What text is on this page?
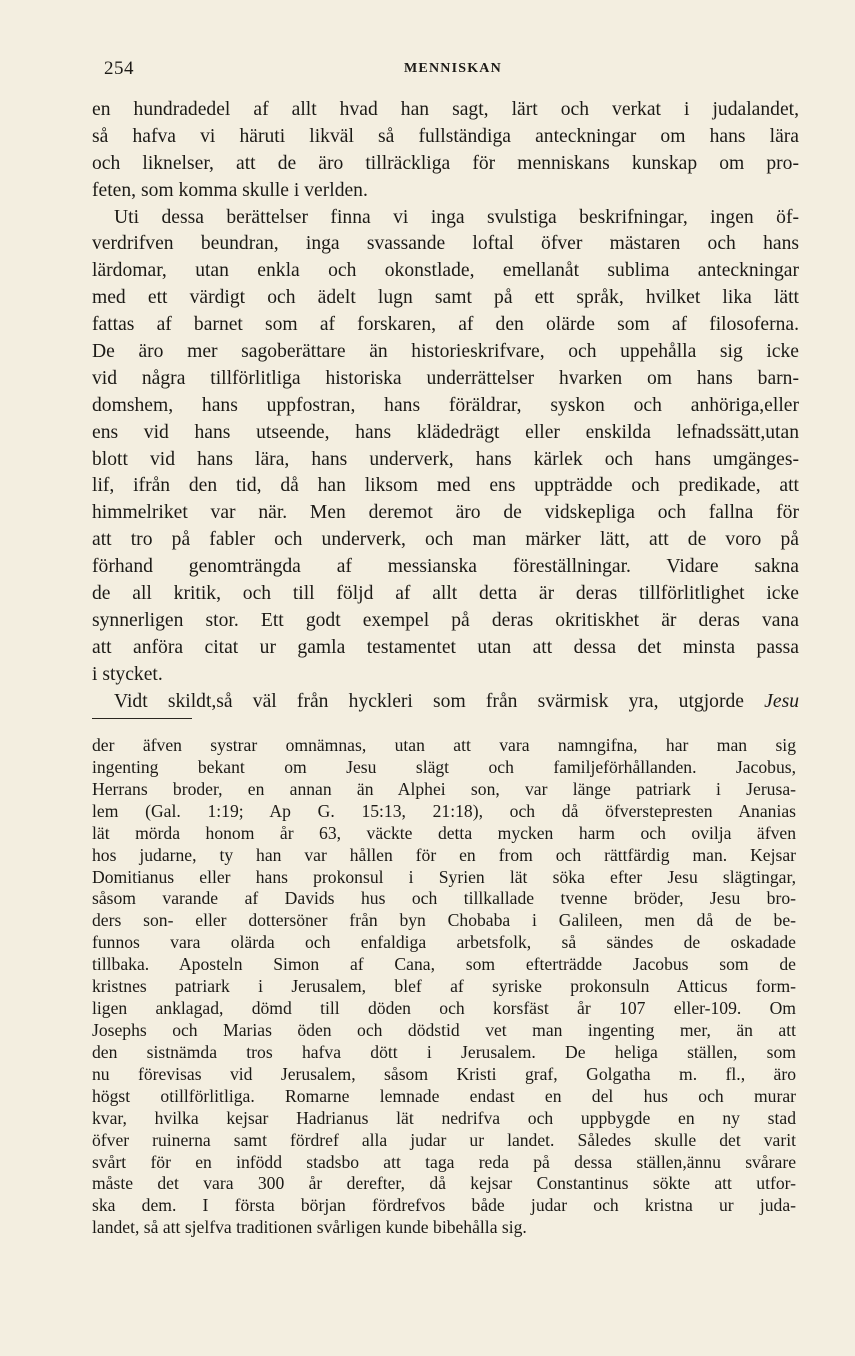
254	MENNISKAN
en hundradedel af allt hvad han sagt, lärt och verkat i judalandet,
så hafva vi häruti likväl så fullständiga anteckningar om hans lära
och liknelser, att de äro tillräckliga för menniskans kunskap om pro-
feten, som komma skulle i verlden.
Uti dessa berättelser finna vi inga svulstiga beskrifningar, ingen öf-
verdrifven beundran, inga svassande loftal öfver mästaren och hans
lärdomar, utan enkla och okonstlade, emellanåt sublima anteckningar
med ett värdigt och ädelt lugn samt på ett språk, hvilket lika lätt
fattas af barnet som af forskaren, af den olärde som af filosoferna.
De äro mer sagoberättare än historieskrifvare, och uppehålla sig icke
vid några tillförlitliga historiska underrättelser hvarken om hans barn-
domshem, hans uppfostran, hans föräldrar, syskon och anhöriga,eller
ens vid hans utseende, hans klädedrägt eller enskilda lefnadssätt,utan
blott vid hans lära, hans underverk, hans kärlek och hans umgänges-
lif, ifrån den tid, då han liksom med ens uppträdde och predikade, att
himmelriket var när. Men deremot äro de vidskepliga och fallna för
att tro på fabler och underverk, och man märker lätt, att de voro på
förhand genomträngda af messianska föreställningar. Vidare sakna
de all kritik, och till följd af allt detta är deras tillförlitlighet icke
synnerligen stor. Ett godt exempel på deras okritiskhet är deras vana
att anföra citat ur gamla testamentet utan att dessa det minsta passa
i stycket.
Vidt skildt,så väl från hyckleri som från svärmisk yra, utgjorde Jesu
der äfven systrar omnämnas, utan att vara namngifna, har man sig
ingenting bekant om Jesu slägt och familjeförhållanden. Jacobus,
Herrans broder, en annan än Alphei son, var länge patriark i Jerusa-
lem (Gal. 1:19; Ap G. 15:13, 21:18), och då öfverstepresten Ananias
lät mörda honom år 63, väckte detta mycken harm och ovilja äfven
hos judarne, ty han var hållen för en from och rättfärdig man. Kejsar
Domitianus eller hans prokonsul i Syrien lät söka efter Jesu slägtingar,
såsom varande af Davids hus och tillkallade tvenne bröder, Jesu bro-
ders son- eller dottersöner från byn Chobaba i Galileen, men då de be-
funnos vara olärda och enfaldiga arbetsfolk, så sändes de oskadade
tillbaka. Aposteln Simon af Cana, som efterträdde Jacobus som de
kristnes patriark i Jerusalem, blef af syriske prokonsuln Atticus form-
ligen anklagad, dömd till döden och korsfäst år 107 eller-109. Om
Josephs och Marias öden och dödstid vet man ingenting mer, än att
den sistnämda tros hafva dött i Jerusalem. De heliga ställen, som
nu förevisas vid Jerusalem, såsom Kristi graf, Golgatha m. fl., äro
högst otillförlitliga. Romarne lemnade endast en del hus och murar
kvar, hvilka kejsar Hadrianus lät nedrifva och uppbygde en ny stad
öfver ruinerna samt fördref alla judar ur landet. Således skulle det varit
svårt för en infödd stadsbo att taga reda på dessa ställen,ännu svårare
måste det vara 300 år derefter, då kejsar Constantinus sökte att utfor-
ska dem. I första början fördrefvos både judar och kristna ur juda-
landet, så att sjelfva traditionen svårligen kunde bibehålla sig.
